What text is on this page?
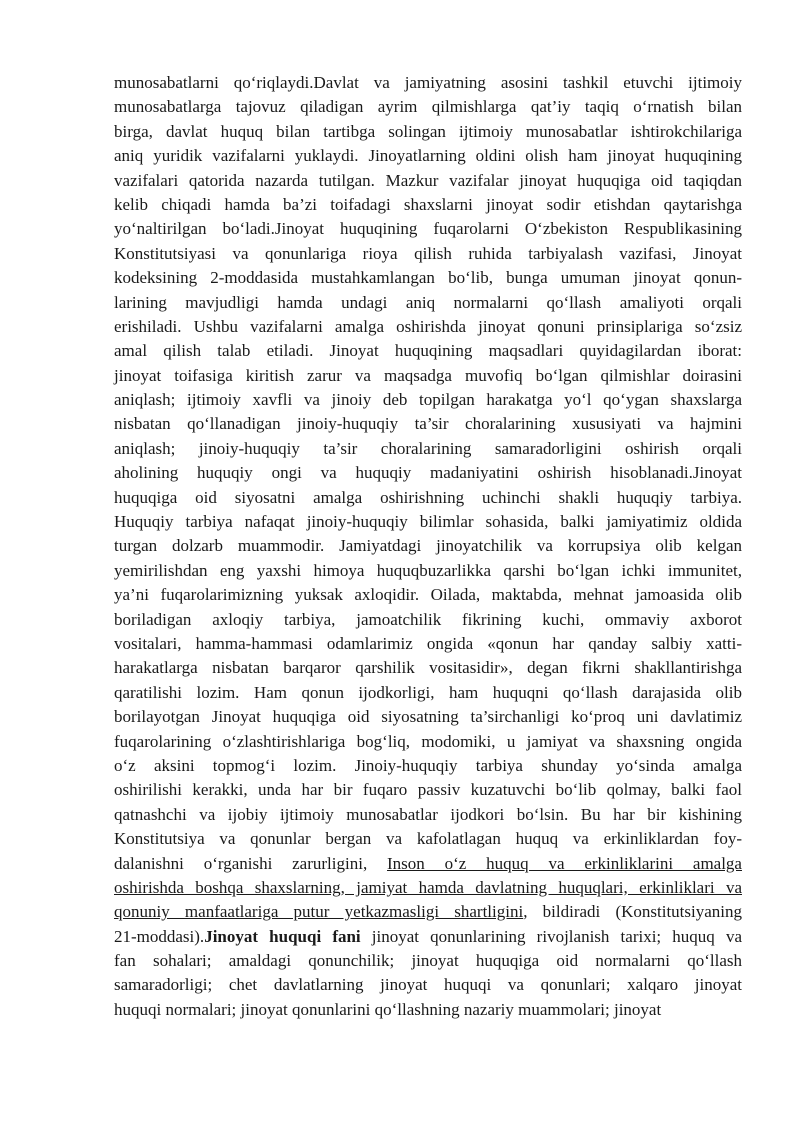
munosabatlarni qo‘riqlaydi.Davlat va jamiyatning asosini tashkil etuvchi ijtimoiy
munosabatlarga tajovuz qiladigan ayrim qilmishlarga qat’iy taqiq o‘rnatish bilan
birga, davlat huquq bilan tartibga solingan ijtimoiy munosabatlar ishtirokchilariga
aniq yuridik vazifalarni yuklaydi. Jinoyatlarning oldini olish ham jinoyat huquqining
vazifalari qatorida nazarda tutilgan. Mazkur vazifalar jinoyat huquqiga oid taqiqdan
kelib chiqadi hamda ba’zi toifadagi shaxslarni jinoyat sodir etishdan qaytarishga
yo‘naltirilgan bo‘ladi.Jinoyat huquqining fuqarolarni O‘zbekiston Respublikasining
Konstitutsiyasi va qonunlariga rioya qilish ruhida tarbiyalash vazifasi, Jinoyat
kodeksining 2-moddasida mustahkamlangan bo‘lib, bunga umuman jinoyat qonun-
larining mavjudligi hamda undagi aniq normalarni qo‘llash amaliyoti orqali
erishiladi. Ushbu vazifalarni amalga oshirishda jinoyat qonuni prinsiplariga so‘zsiz
amal qilish talab etiladi. Jinoyat huquqining maqsadlari quyidagilardan iborat:
jinoyat toifasiga kiritish zarur va maqsadga muvofiq bo‘lgan qilmishlar doirasini
aniqlash; ijtimoiy xavfli va jinoiy deb topilgan harakatga yo‘l qo‘ygan shaxslarga
nisbatan qo‘llanadigan jinoiy-huquqiy ta’sir choralarining xususiyati va hajmini
aniqlash; jinoiy-huquqiy ta’sir choralarining samaradorligini oshirish orqali
aholining huquqiy ongi va huquqiy madaniyatini oshirish hisoblanadi.Jinoyat
huquqiga oid siyosatni amalga oshirishning uchinchi shakli huquqiy tarbiya.
Huquqiy tarbiya nafaqat jinoiy-huquqiy bilimlar sohasida, balki jamiyatimiz oldida
turgan dolzarb muammodir. Jamiyatdagi jinoyatchilik va korrupsiya olib kelgan
yemirilishdan eng yaxshi himoya huquqbuzarlikka qarshi bo‘lgan ichki immunitet,
ya’ni fuqarolarimizning yuksak axloqidir. Oilada, maktabda, mehnat jamoasida olib
boriladigan axloqiy tarbiya, jamoatchilik fikrining kuchi, ommaviy axborot
vositalari, hamma-hammasi odamlarimiz ongida «qonun har qanday salbiy xatti-
harakatlarga nisbatan barqaror qarshilik vositasidir», degan fikrni shakllantirishga
qaratilishi lozim. Ham qonun ijodkorligi, ham huquqni qo‘llash darajasida olib
borilayotgan Jinoyat huquqiga oid siyosatning ta’sirchanligi ko‘proq uni davlatimiz
fuqarolarining o‘zlashtirishlariga bog‘liq, modomiki, u jamiyat va shaxsning ongida
o‘z aksini topmog‘i lozim. Jinoiy-huquqiy tarbiya shunday yo‘sinda amalga
oshirilishi kerakki, unda har bir fuqaro passiv kuzatuvchi bo‘lib qolmay, balki faol
qatnashchi va ijobiy ijtimoiy munosabatlar ijodkori bo‘lsin. Bu har bir kishining
Konstitutsiya va qonunlar bergan va kafolatlagan huquq va erkinliklardan foy-
dalanishni o‘rganishi zarurligini, Inson o‘z huquq va erkinliklarini amalga
oshirishda boshqa shaxslarning, jamiyat hamda davlatning huquqlari, erkinliklari va
qonuniy manfaatlariga putur yetkazmasligi shartligini, bildiradi (Konstitutsiyaning
21-moddasi).Jinoyat huquqi fani jinoyat qonunlarining rivojlanish tarixi; huquq va
fan sohalari; amaldagi qonunchilik; jinoyat huquqiga oid normalarni qo‘llash
samaradorligi; chet davlatlarning jinoyat huquqi va qonunlari; xalqaro jinoyat
huquqi normalari; jinoyat qonunlarini qo‘llashning nazariy muammolari; jinoyat
